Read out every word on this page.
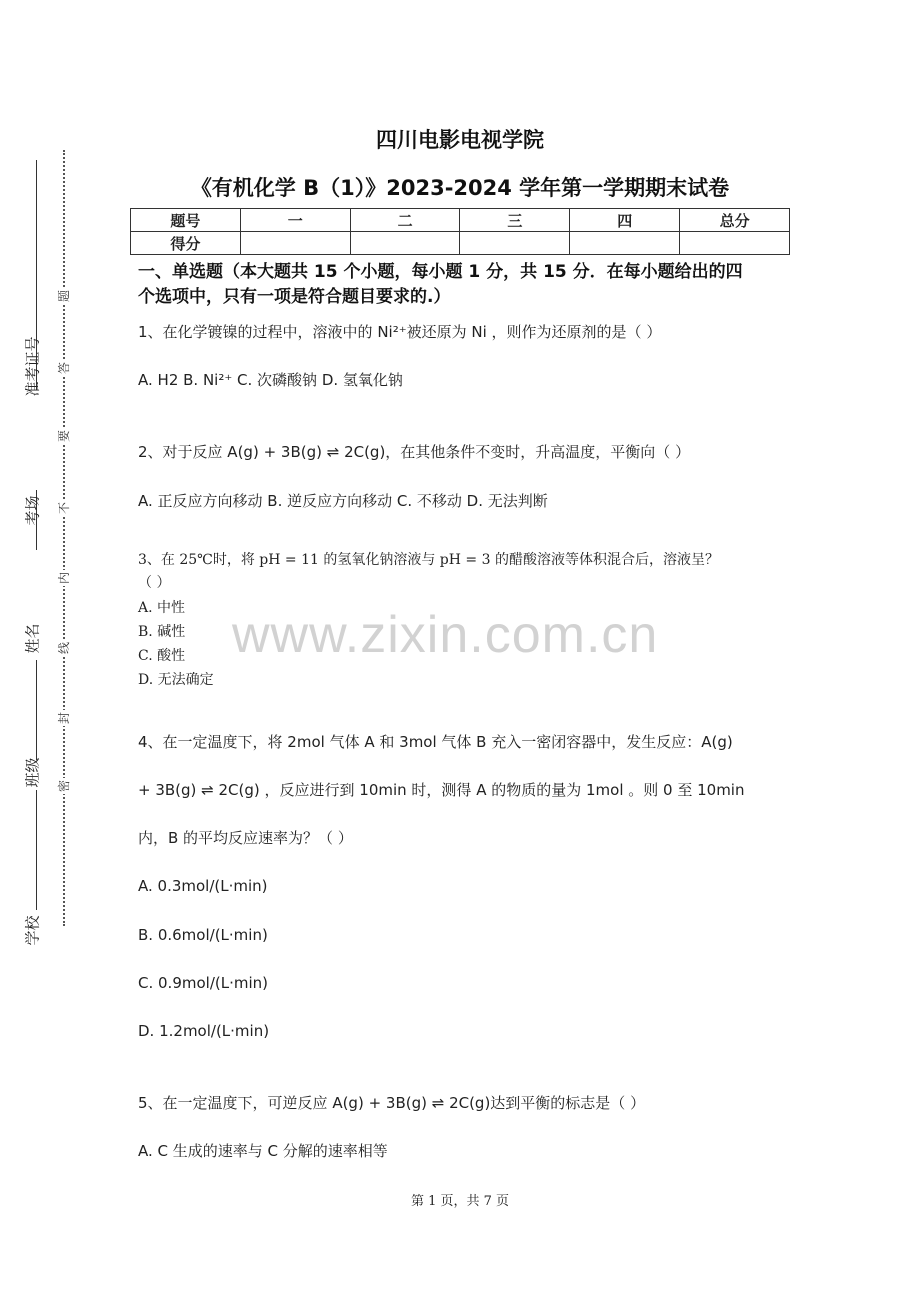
准考证号
考场
姓名
班级
学校
题
答
要
不
内
线
封
密
四川电影电视学院
《有机化学 B（1）》2023-2024 学年第一学期期末试卷
题号	一	二	三	四	总分
得分					
一、单选题（本大题共 15 个小题，每小题 1 分，共 15 分．在每小题给出的四
个选项中，只有一项是符合题目要求的.）
1、在化学镀镍的过程中，溶液中的 Ni²⁺被还原为 Ni ，则作为还原剂的是（ ）
A. H2 B. Ni²⁺ C. 次磷酸钠 D. 氢氧化钠
2、对于反应 A(g) + 3B(g) ⇌ 2C(g)，在其他条件不变时，升高温度，平衡向（ ）
A. 正反应方向移动 B. 逆反应方向移动 C. 不移动 D. 无法判断
3、在 25℃时，将 pH = 11 的氢氧化钠溶液与 pH = 3 的醋酸溶液等体积混合后，溶液呈？
（ ）
A. 中性
B. 碱性
C. 酸性
D. 无法确定
www.zixin.com.cn
4、在一定温度下，将 2mol 气体 A 和 3mol 气体 B 充入一密闭容器中，发生反应：A(g)
+ 3B(g) ⇌ 2C(g) ，反应进行到 10min 时，测得 A 的物质的量为 1mol 。则 0 至 10min
内，B 的平均反应速率为？（ ）
A. 0.3mol/(L·min)
B. 0.6mol/(L·min)
C. 0.9mol/(L·min)
D. 1.2mol/(L·min)
5、在一定温度下，可逆反应 A(g) + 3B(g) ⇌ 2C(g)达到平衡的标志是（ ）
A. C 生成的速率与 C 分解的速率相等
第 1 页，共 7 页
